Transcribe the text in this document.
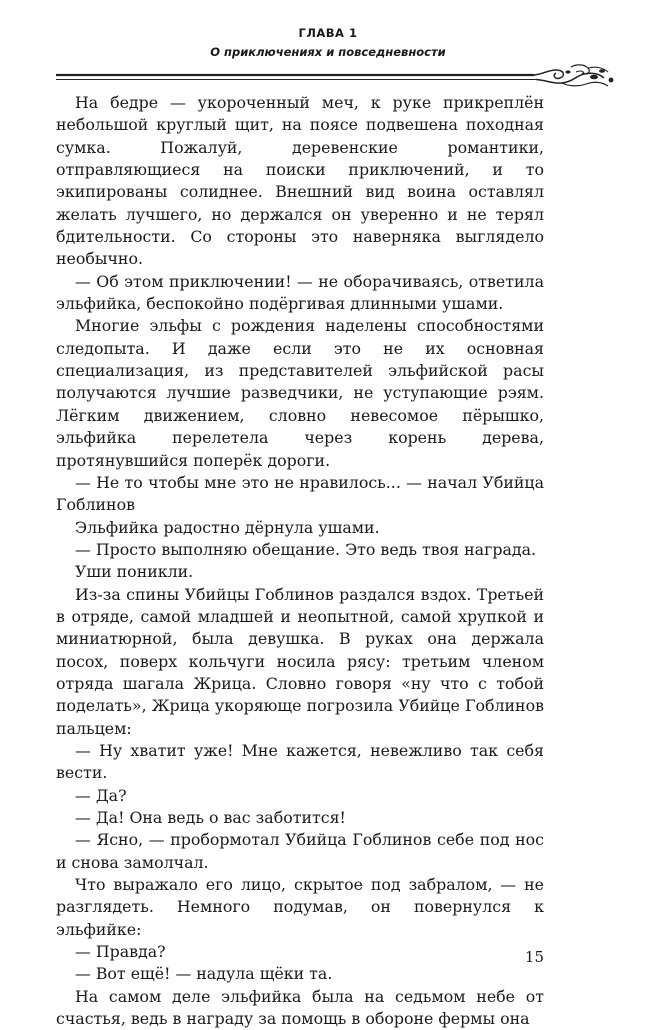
ГЛАВА 1
О приключениях и повседневности

На бедре — укороченный меч, к руке прикреплён небольшой круглый щит, на поясе подвешена походная сумка. Пожалуй, деревенские романтики, отправляющиеся на поиски приключений, и то экипированы солиднее. Внешний вид воина оставлял желать лучшего, но держался он уверенно и не терял бдительности. Со стороны это наверняка выглядело необычно.

— Об этом приключении! — не оборачиваясь, ответила эльфийка, беспокойно подёргивая длинными ушами.

Многие эльфы с рождения наделены способностями следопыта. И даже если это не их основная специализация, из представителей эльфийской расы получаются лучшие разведчики, не уступающие рэям. Лёгким движением, словно невесомое пёрышко, эльфийка перелетела через корень дерева, протянувшийся поперёк дороги.

— Не то чтобы мне это не нравилось... — начал Убийца Гоблинов

Эльфийка радостно дёрнула ушами.

— Просто выполняю обещание. Это ведь твоя награда.

Уши поникли.

Из-за спины Убийцы Гоблинов раздался вздох. Третьей в отряде, самой младшей и неопытной, самой хрупкой и миниатюрной, была девушка. В руках она держала посох, поверх кольчуги носила рясу: третьим членом отряда шагала Жрица. Словно говоря «ну что с тобой поделать», Жрица укоряюще погрозила Убийце Гоблинов пальцем:

— Ну хватит уже! Мне кажется, невежливо так себя вести.

— Да?

— Да! Она ведь о вас заботится!

— Ясно, — пробормотал Убийца Гоблинов себе под нос и снова замолчал.

Что выражало его лицо, скрытое под забралом, — не разглядеть. Немного подумав, он повернулся к эльфийке:

— Правда?

— Вот ещё! — надула щёки та.

На самом деле эльфийка была на седьмом небе от счастья, ведь в награду за помощь в обороне фермы она

15
